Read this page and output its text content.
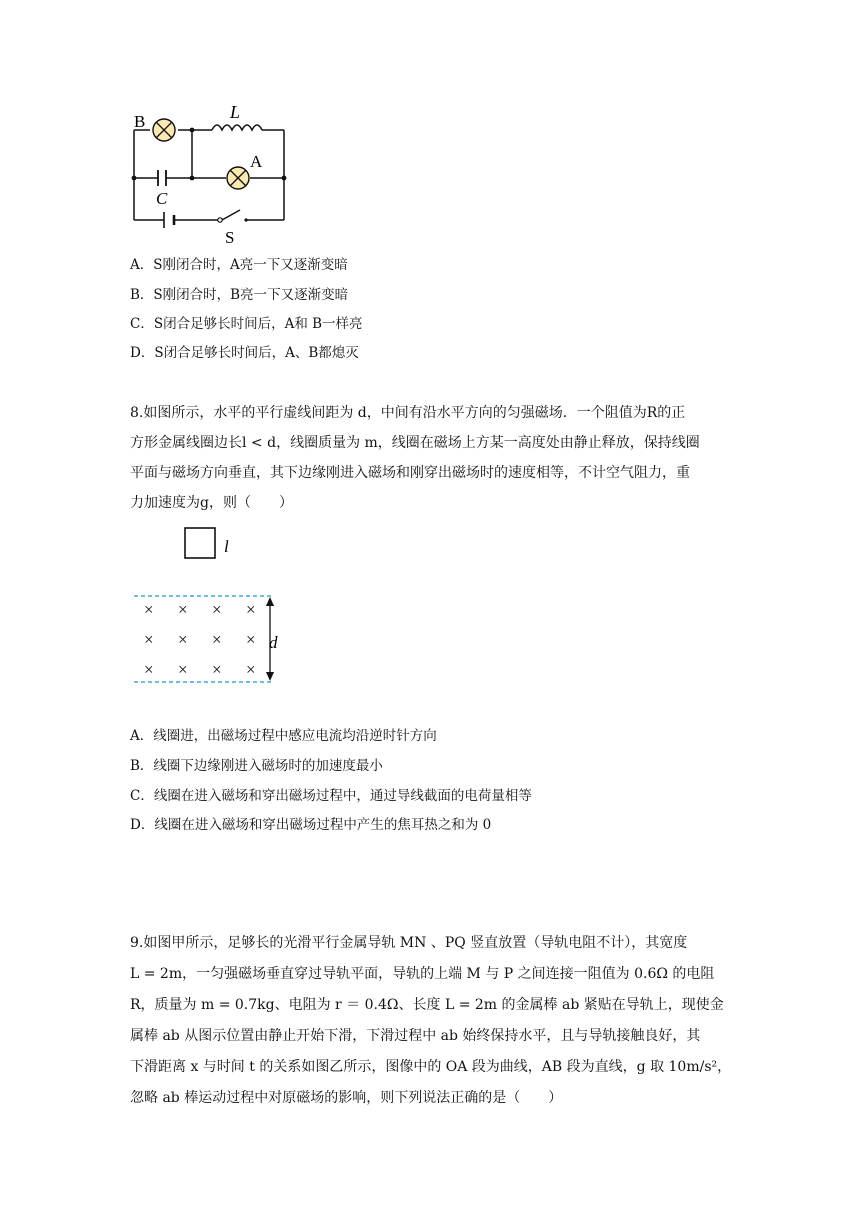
B	L
A
C
S
A．S刚闭合时，A亮一下又逐渐变暗
B．S刚闭合时，B亮一下又逐渐变暗
C．S闭合足够长时间后，A和 B一样亮
D．S闭合足够长时间后，A、B都熄灭
8.如图所示，水平的平行虚线间距为 d，中间有沿水平方向的匀强磁场．一个阻值为R的正
方形金属线圈边长l < d，线圈质量为 m，线圈在磁场上方某一高度处由静止释放，保持线圈
平面与磁场方向垂直，其下边缘刚进入磁场和刚穿出磁场时的速度相等，不计空气阻力，重
力加速度为g，则（　　）
l
d
× × × ×
× × × ×
× × × ×
A．线圈进，出磁场过程中感应电流均沿逆时针方向
B．线圈下边缘刚进入磁场时的加速度最小
C．线圈在进入磁场和穿出磁场过程中，通过导线截面的电荷量相等
D．线圈在进入磁场和穿出磁场过程中产生的焦耳热之和为 0
9.如图甲所示，足够长的光滑平行金属导轨 MN 、PQ 竖直放置（导轨电阻不计），其宽度
L = 2m，一匀强磁场垂直穿过导轨平面，导轨的上端 M 与 P 之间连接一阻值为 0.6Ω 的电阻
R，质量为 m = 0.7kg、电阻为 r ＝ 0.4Ω、长度 L = 2m 的金属棒 ab 紧贴在导轨上，现使金
属棒 ab 从图示位置由静止开始下滑，下滑过程中 ab 始终保持水平，且与导轨接触良好，其
下滑距离 x 与时间 t 的关系如图乙所示，图像中的 OA 段为曲线，AB 段为直线，g 取 10m/s²，
忽略 ab 棒运动过程中对原磁场的影响，则下列说法正确的是（　　）
